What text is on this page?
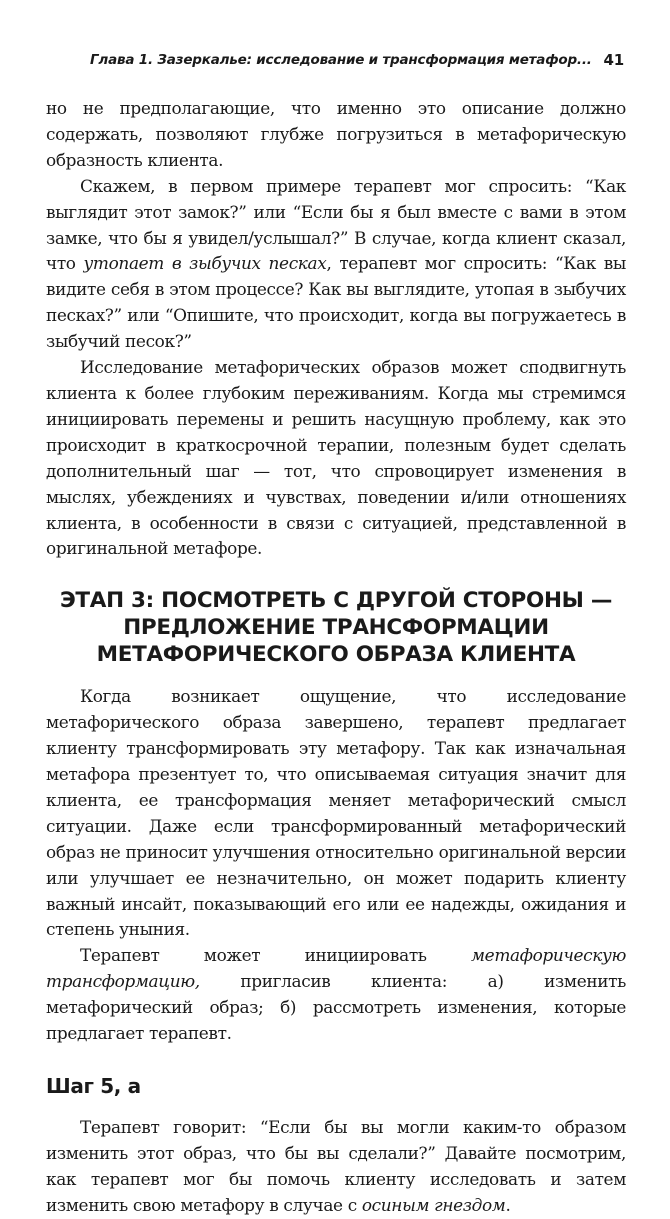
Глава 1. Зазеркалье: исследование и трансформация метафор... 41

но не предполагающие, что именно это описание должно содержать, позволяют глубже погрузиться в метафорическую образность клиента.

Скажем, в первом примере терапевт мог спросить: “Как выглядит этот замок?” или “Если бы я был вместе с вами в этом замке, что бы я увидел/услышал?” В случае, когда клиент сказал, что утопает в зыбучих песках, терапевт мог спросить: “Как вы видите себя в этом процессе? Как вы выглядите, утопая в зыбучих песках?” или “Опишите, что происходит, когда вы погружаетесь в зыбучий песок?”

Исследование метафорических образов может сподвигнуть клиента к более глубоким переживаниям. Когда мы стремимся инициировать перемены и решить насущную проблему, как это происходит в краткосрочной терапии, полезным будет сделать дополнительный шаг — тот, что спровоцирует изменения в мыслях, убеждениях и чувствах, поведении и/или отношениях клиента, в особенности в связи с ситуацией, представленной в оригинальной метафоре.

ЭТАП 3: ПОСМОТРЕТЬ С ДРУГОЙ СТОРОНЫ —
ПРЕДЛОЖЕНИЕ ТРАНСФОРМАЦИИ
МЕТАФОРИЧЕСКОГО ОБРАЗА КЛИЕНТА

Когда возникает ощущение, что исследование метафорического образа завершено, терапевт предлагает клиенту трансформировать эту метафору. Так как изначальная метафора презентует то, что описываемая ситуация значит для клиента, ее трансформация меняет метафорический смысл ситуации. Даже если трансформированный метафорический образ не приносит улучшения относительно оригинальной версии или улучшает ее незначительно, он может подарить клиенту важный инсайт, показывающий его или ее надежды, ожидания и степень уныния.

Терапевт может инициировать метафорическую трансформацию, пригласив клиента: а) изменить метафорический образ; б) рассмотреть изменения, которые предлагает терапевт.

Шаг 5, а

Терапевт говорит: “Если бы вы могли каким-то образом изменить этот образ, что бы вы сделали?” Давайте посмотрим, как терапевт мог бы помочь клиенту исследовать и затем изменить свою метафору в случае с осиным гнездом.
